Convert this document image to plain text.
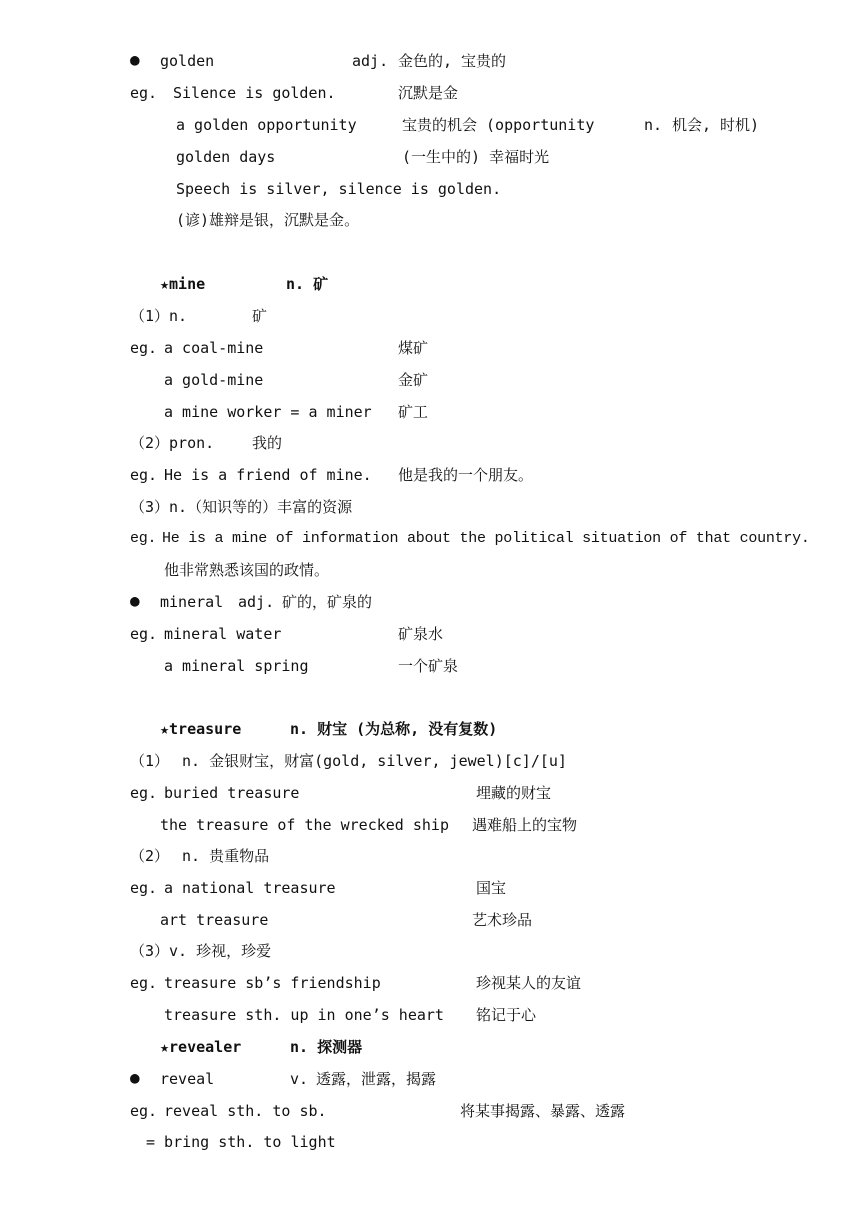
● golden	adj. 金色的, 宝贵的
eg. Silence is golden.	沉默是金
a golden opportunity	宝贵的机会 (opportunity	n. 机会, 时机)
golden days	(一生中的) 幸福时光
Speech is silver, silence is golden.
(谚)雄辩是银，沉默是金。
★mine	n. 矿
（1）n.	矿
eg. a coal-mine	煤矿
a gold-mine	金矿
a mine worker = a miner 矿工
（2）pron.	我的
eg. He is a friend of mine. 他是我的一个朋友。
（3）n.（知识等的）丰富的资源
eg. He is a mine of information about the political situation of that country.
他非常熟悉该国的政情。
● mineral adj. 矿的，矿泉的
eg. mineral water	矿泉水
a mineral spring	一个矿泉
★treasure	n. 财宝 (为总称, 没有复数)
（1） n. 金银财宝，财富(gold, silver, jewel)[c]/[u]
eg. buried treasure	埋藏的财宝
the treasure of the wrecked ship 遇难船上的宝物
（2） n. 贵重物品
eg. a national treasure	国宝
art treasure	艺术珍品
（3）v. 珍视，珍爱
eg. treasure sb’s friendship	珍视某人的友谊
treasure sth. up in one’s heart 铭记于心
★revealer	n. 探测器
● reveal	v. 透露，泄露，揭露
eg. reveal sth. to sb.	将某事揭露、暴露、透露
= bring sth. to light
